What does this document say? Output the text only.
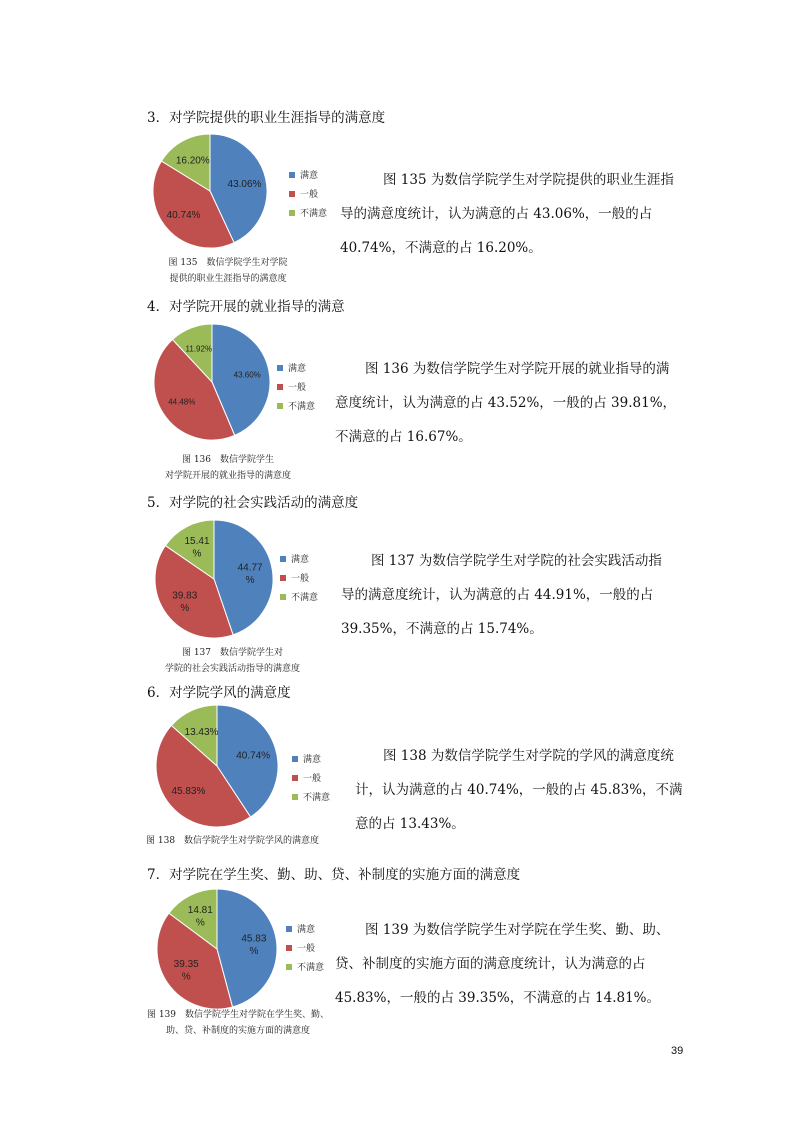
3．对学院提供的职业生涯指导的满意度
43.06%
40.74%
16.20%
满意
一般
不满意
图 135　数信学院学生对学院
提供的职业生涯指导的满意度
图 135 为数信学院学生对学院提供的职业生涯指
导的满意度统计，认为满意的占 43.06%，一般的占
40.74%，不满意的占 16.20%。
4．对学院开展的就业指导的满意
43.60%
44.48%
11.92%
满意
一般
不满意
图 136　数信学院学生
对学院开展的就业指导的满意度
图 136 为数信学院学生对学院开展的就业指导的满
意度统计，认为满意的占 43.52%，一般的占 39.81%，
不满意的占 16.67%。
5．对学院的社会实践活动的满意度
44.77 %
39.83 %
15.41 %
满意
一般
不满意
图 137　数信学院学生对
学院的社会实践活动指导的满意度
图 137 为数信学院学生对学院的社会实践活动指
导的满意度统计，认为满意的占 44.91%，一般的占
39.35%，不满意的占 15.74%。
6．对学院学风的满意度
40.74%
45.83%
13.43%
满意
一般
不满意
图 138　数信学院学生对学院学风的满意度
图 138 为数信学院学生对学院的学风的满意度统
计，认为满意的占 40.74%，一般的占 45.83%，不满
意的占 13.43%。
7．对学院在学生奖、勤、助、贷、补制度的实施方面的满意度
45.83 %
39.35 %
14.81 %
满意
一般
不满意
图 139　数信学院学生对学院在学生奖、勤、
助、贷、补制度的实施方面的满意度
图 139 为数信学院学生对学院在学生奖、勤、助、
贷、补制度的实施方面的满意度统计，认为满意的占
45.83%，一般的占 39.35%，不满意的占 14.81%。
39
